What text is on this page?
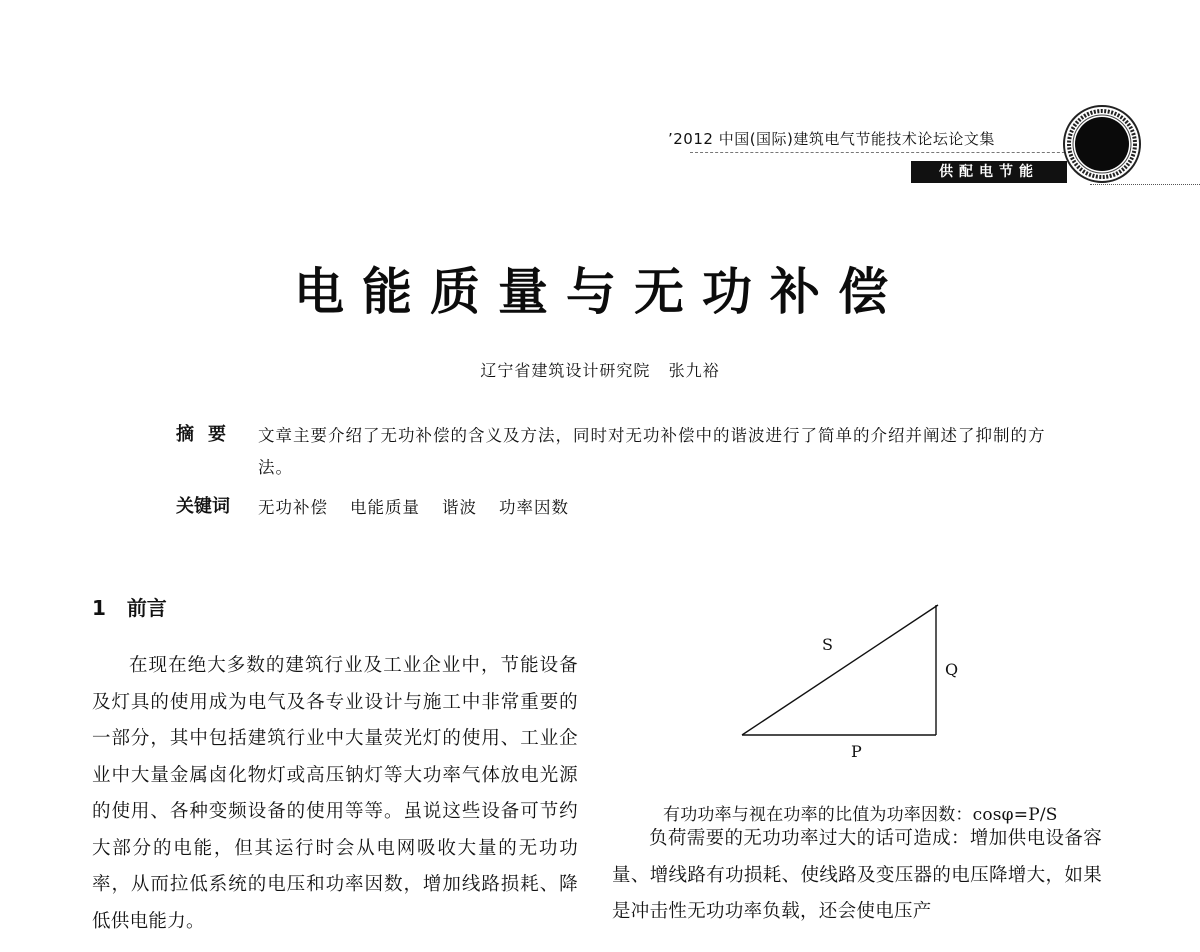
’2012 中国(国际)建筑电气节能技术论坛论文集
供配电节能
电能质量与无功补偿
辽宁省建筑设计研究院 张九裕
摘要 文章主要介绍了无功补偿的含义及方法，同时对无功补偿中的谐波进行了简单的介绍并阐述了抑制的方法。
关键词 无功补偿 电能质量 谐波 功率因数
1 前言
在现在绝大多数的建筑行业及工业企业中，节能设备及灯具的使用成为电气及各专业设计与施工中非常重要的一部分，其中包括建筑行业中大量荧光灯的使用、工业企业中大量金属卤化物灯或高压钠灯等大功率气体放电光源的使用、各种变频设备的使用等等。虽说这些设备可节约大部分的电能，但其运行时会从电网吸收大量的无功功率，从而拉低系统的电压和功率因数，增加线路损耗、降低供电能力。
S
Q
P
有功功率与视在功率的比值为功率因数：cosφ=P/S
负荷需要的无功功率过大的话可造成：增加供电设备容量、增线路有功损耗、使线路及变压器的电压降增大，如果是冲击性无功功率负载，还会使电压产
